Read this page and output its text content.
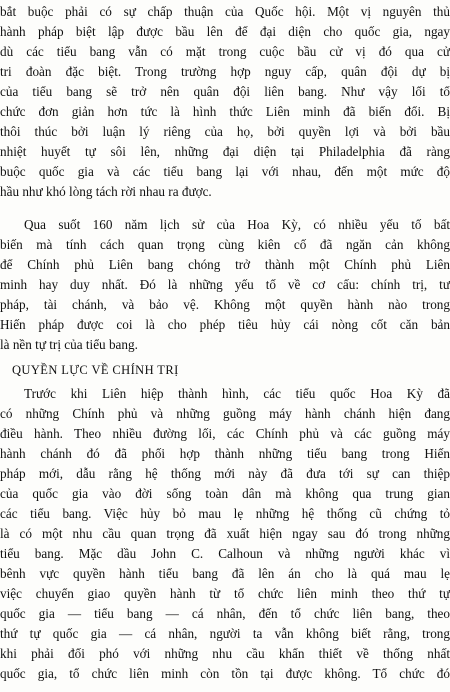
bắt buộc phải có sự chấp thuận của Quốc hội. Một vị nguyên thủ
hành pháp biệt lập được bầu lên để đại diện cho quốc gia, ngay
dù các tiểu bang vẫn có mặt trong cuộc bầu cử vị đó qua cử
tri đoàn đặc biệt. Trong trường hợp nguy cấp, quân đội dự bị
của tiểu bang sẽ trở nên quân đội liên bang. Như vậy lối tổ
chức đơn giản hơn tức là hình thức Liên minh đã biến đổi. Bị
thôi thúc bởi luận lý riêng của họ, bởi quyền lợi và bởi bầu
nhiệt huyết tự sôi lên, những đại diện tại Philadelphia đã ràng
buộc quốc gia và các tiểu bang lại với nhau, đến một mức độ
hầu như khó lòng tách rời nhau ra được.
Qua suốt 160 năm lịch sử của Hoa Kỳ, có nhiều yếu tố bất
biến mà tính cách quan trọng cùng kiên cố đã ngăn cản không
để Chính phủ Liên bang chóng trở thành một Chính phủ Liên
minh hay duy nhất. Đó là những yếu tố về cơ cấu: chính trị, tư
pháp, tài chánh, và bảo vệ. Không một quyền hành nào trong
Hiến pháp được coi là cho phép tiêu hủy cái nòng cốt căn bản
là nền tự trị của tiểu bang.
QUYỀN LỰC VỀ CHÍNH TRỊ
Trước khi Liên hiệp thành hình, các tiểu quốc Hoa Kỳ đã
có những Chính phủ và những guồng máy hành chánh hiện đang
điều hành. Theo nhiều đường lối, các Chính phủ và các guồng máy
hành chánh đó đã phối hợp thành những tiểu bang trong Hiến
pháp mới, dẫu rằng hệ thống mới này đã đưa tới sự can thiệp
của quốc gia vào đời sống toàn dân mà không qua trung gian
các tiểu bang. Việc hủy bỏ mau lẹ những hệ thống cũ chứng tỏ
là có một nhu cầu quan trọng đã xuất hiện ngay sau đó trong những
tiểu bang. Mặc dầu John C. Calhoun và những người khác vì
bênh vực quyền hành tiểu bang đã lên án cho là quá mau lẹ
việc chuyển giao quyền hành từ tổ chức liên minh theo thứ tự
quốc gia — tiểu bang — cá nhân, đến tổ chức liên bang, theo
thứ tự quốc gia — cá nhân, người ta vẫn không biết rằng, trong
khi phải đối phó với những nhu cầu khẩn thiết về thống nhất
quốc gia, tổ chức liên minh còn tồn tại được không. Tổ chức đó
